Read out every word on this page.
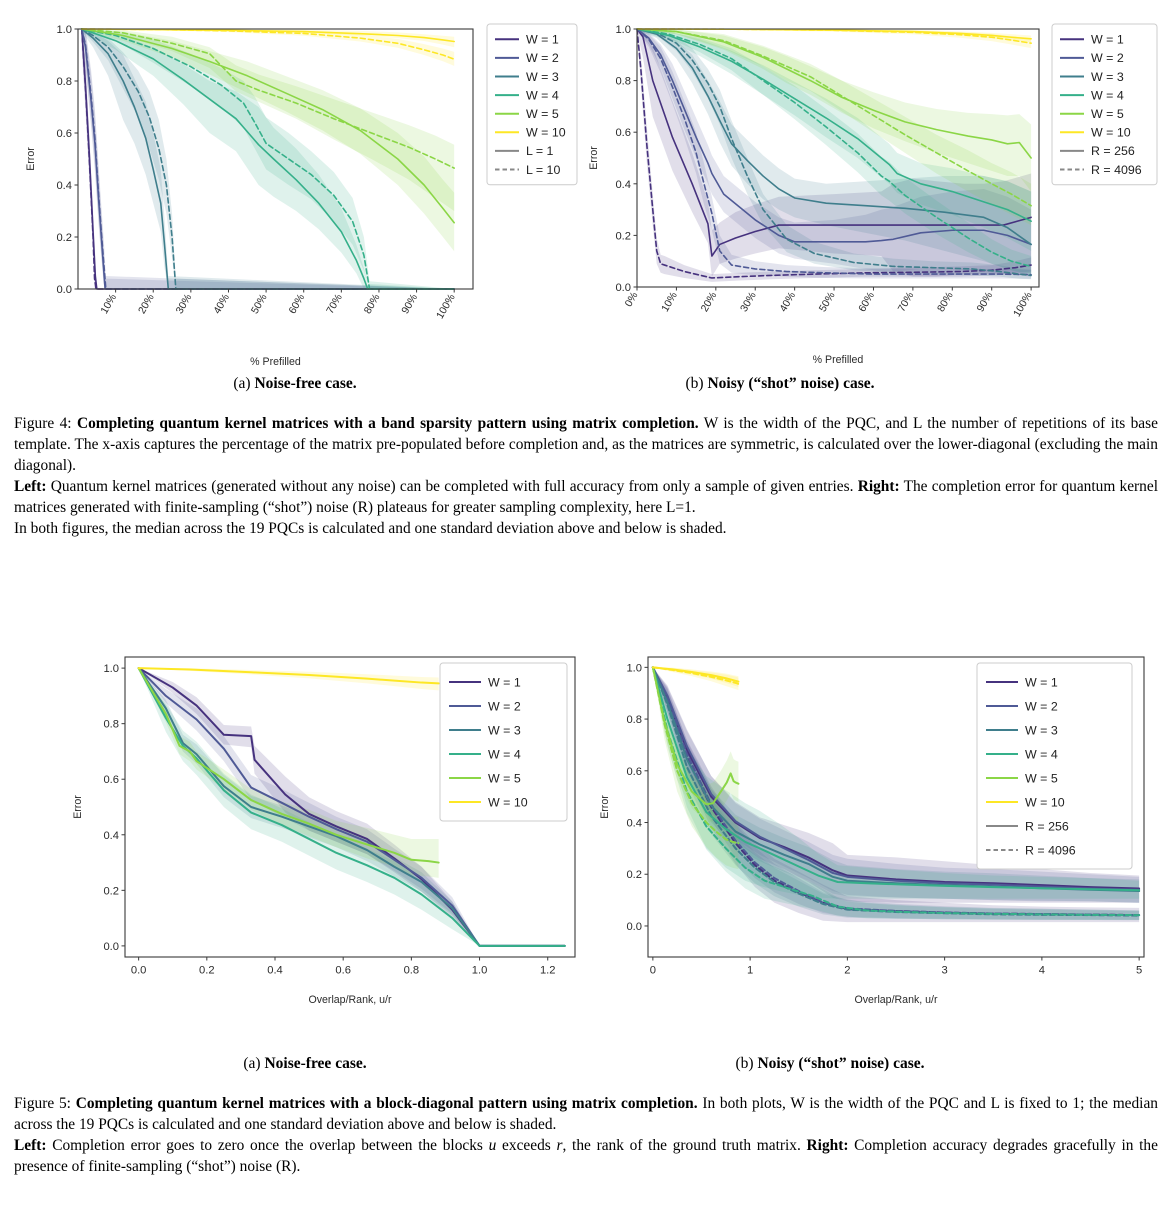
0.0
0.2
0.4
0.6
0.8
1.0
10% 20% 30% 40% 50% 60% 70% 80% 90% 100%
% Prefilled
Error
W = 1
W = 2
W = 3
W = 4
W = 5
W = 10
L = 1
L = 10
0.0
0.2
0.4
0.6
0.8
1.0
0% 10% 20% 30% 40% 50% 60% 70% 80% 90% 100%
% Prefilled
Error
W = 1
W = 2
W = 3
W = 4
W = 5
W = 10
R = 256
R = 4096
(a) Noise-free case.	(b) Noisy (“shot” noise) case.
Figure 4: Completing quantum kernel matrices with a band sparsity pattern using matrix completion. W is the width of the PQC, and L the number of repetitions of its base template. The x-axis captures the percentage of the matrix pre-populated before completion and, as the matrices are symmetric, is calculated over the lower-diagonal (excluding the main diagonal).
Left: Quantum kernel matrices (generated without any noise) can be completed with full accuracy from only a sample of given entries. Right: The completion error for quantum kernel matrices generated with finite-sampling (“shot”) noise (R) plateaus for greater sampling complexity, here L=1.
In both figures, the median across the 19 PQCs is calculated and one standard deviation above and below is shaded.
0.0
0.2
0.4
0.6
0.8
1.0
0.0	0.2	0.4	0.6	0.8	1.0	1.2
Overlap/Rank, u/r
Error
W = 1
W = 2
W = 3
W = 4
W = 5
W = 10
0.0
0.2
0.4
0.6
0.8
1.0
0	1	2	3	4	5
Overlap/Rank, u/r
Error
W = 1
W = 2
W = 3
W = 4
W = 5
W = 10
R = 256
R = 4096
(a) Noise-free case.	(b) Noisy (“shot” noise) case.
Figure 5: Completing quantum kernel matrices with a block-diagonal pattern using matrix completion. In both plots, W is the width of the PQC and L is fixed to 1; the median across the 19 PQCs is calculated and one standard deviation above and below is shaded.
Left: Completion error goes to zero once the overlap between the blocks u exceeds r, the rank of the ground truth matrix. Right: Completion accuracy degrades gracefully in the presence of finite-sampling (“shot”) noise (R).
